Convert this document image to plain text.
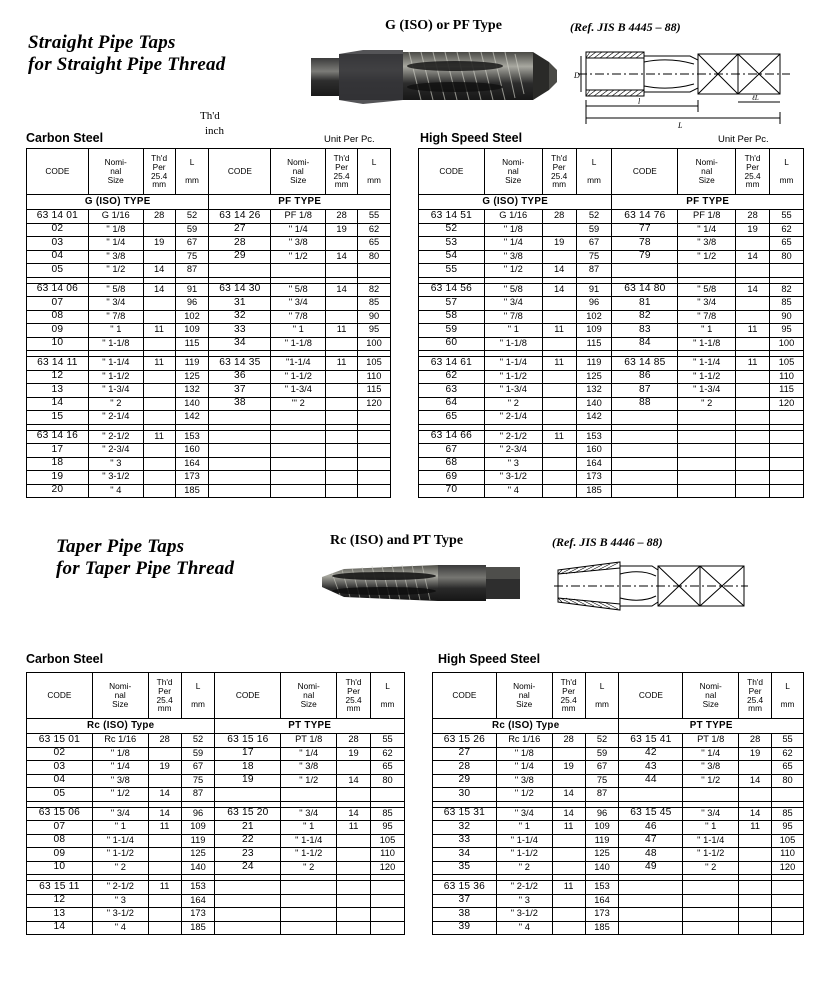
Straight Pipe Taps
for Straight Pipe Thread
G (ISO) or PF Type	(Ref. JIS B 4445 – 88)
Th'd
inch
D
l
L
ℓL
Carbon Steel	Unit Per Pc.	High Speed Steel	Unit Per Pc.
CODE	Nomi-
nal
Size	Th'd
Per
25.4
mm	L

mm	CODE	Nomi-
nal
Size	Th'd
Per
25.4
mm	L

mm
G (ISO) TYPE				PF TYPE			
63 14 01	G 1/16	28	52	63 14 26	PF 1/8	28	55
02	'' 1/8		59	27	'' 1/4	19	62
03	'' 1/4	19	67	28	'' 3/8		65
04	'' 3/8		75	29	'' 1/2	14	80
05	'' 1/2	14	87				

63 14 06	'' 5/8	14	91	63 14 30	'' 5/8	14	82
07	'' 3/4		96	31	'' 3/4		85
08	'' 7/8		102	32	'' 7/8		90
09	'' 1	11	109	33	'' 1	11	95
10	'' 1-1/8		115	34	'' 1-1/8		100

63 14 11	'' 1-1/4	11	119	63 14 35	''1-1/4	11	105
12	'' 1-1/2		125	36	'' 1-1/2		110
13	'' 1-3/4		132	37	'' 1-3/4		115
14	'' 2		140	38	''' 2		120
15	'' 2-1/4		142				

63 14 16	'' 2-1/2	11	153				
17	'' 2-3/4		160				
18	'' 3		164				
19	'' 3-1/2		173				
20	'' 4		185				
CODE	Nomi-
nal
Size	Th'd
Per
25.4
mm	L

mm	CODE	Nomi-
nal
Size	Th'd
Per
25.4
mm	L

mm
G (ISO) TYPE				PF TYPE			
63 14 51	G 1/16	28	52	63 14 76	PF 1/8	28	55
52	'' 1/8		59	77	'' 1/4	19	62
53	'' 1/4	19	67	78	'' 3/8		65
54	'' 3/8		75	79	'' 1/2	14	80
55	'' 1/2	14	87				

63 14 56	'' 5/8	14	91	63 14 80	'' 5/8	14	82
57	'' 3/4		96	81	'' 3/4		85
58	'' 7/8		102	82	'' 7/8		90
59	'' 1	11	109	83	'' 1	11	95
60	'' 1-1/8		115	84	'' 1-1/8		100

63 14 61	'' 1-1/4	11	119	63 14 85	'' 1-1/4	11	105
62	'' 1-1/2		125	86	'' 1-1/2		110
63	'' 1-3/4		132	87	'' 1-3/4		115
64	'' 2		140	88	'' 2		120
65	'' 2-1/4		142				

63 14 66	'' 2-1/2	11	153				
67	'' 2-3/4		160				
68	'' 3		164				
69	'' 3-1/2		173				
70	'' 4		185				
Taper Pipe Taps
for Taper Pipe Thread
Rc (ISO) and PT Type	(Ref. JIS B 4446 – 88)
Carbon Steel	High Speed Steel
CODE	Nomi-
nal
Size	Th'd
Per
25.4
mm	L

mm	CODE	Nomi-
nal
Size	Th'd
Per
25.4
mm	L

mm
Rc (ISO) Type				PT TYPE			
63 15 01	Rc 1/16	28	52	63 15 16	PT 1/8	28	55
02	'' 1/8		59	17	'' 1/4	19	62
03	'' 1/4	19	67	18	'' 3/8		65
04	'' 3/8		75	19	'' 1/2	14	80
05	'' 1/2	14	87				

63 15 06	'' 3/4	14	96	63 15 20	'' 3/4	14	85
07	'' 1	11	109	21	'' 1	11	95
08	'' 1-1/4		119	22	'' 1-1/4		105
09	'' 1-1/2		125	23	'' 1-1/2		110
10	'' 2		140	24	'' 2		120

63 15 11	'' 2-1/2	11	153				
12	'' 3		164				
13	'' 3-1/2		173				
14	'' 4		185				
CODE	Nomi-
nal
Size	Th'd
Per
25.4
mm	L

mm	CODE	Nomi-
nal
Size	Th'd
Per
25.4
mm	L

mm
Rc (ISO) Type				PT TYPE			
63 15 26	Rc 1/16	28	52	63 15 41	PT 1/8	28	55
27	'' 1/8		59	42	'' 1/4	19	62
28	'' 1/4	19	67	43	'' 3/8		65
29	'' 3/8		75	44	'' 1/2	14	80
30	'' 1/2	14	87				

63 15 31	'' 3/4	14	96	63 15 45	'' 3/4	14	85
32	'' 1	11	109	46	'' 1	11	95
33	'' 1-1/4		119	47	'' 1-1/4		105
34	'' 1-1/2		125	48	'' 1-1/2		110
35	'' 2		140	49	'' 2		120

63 15 36	'' 2-1/2	11	153				
37	'' 3		164				
38	'' 3-1/2		173				
39	'' 4		185				
